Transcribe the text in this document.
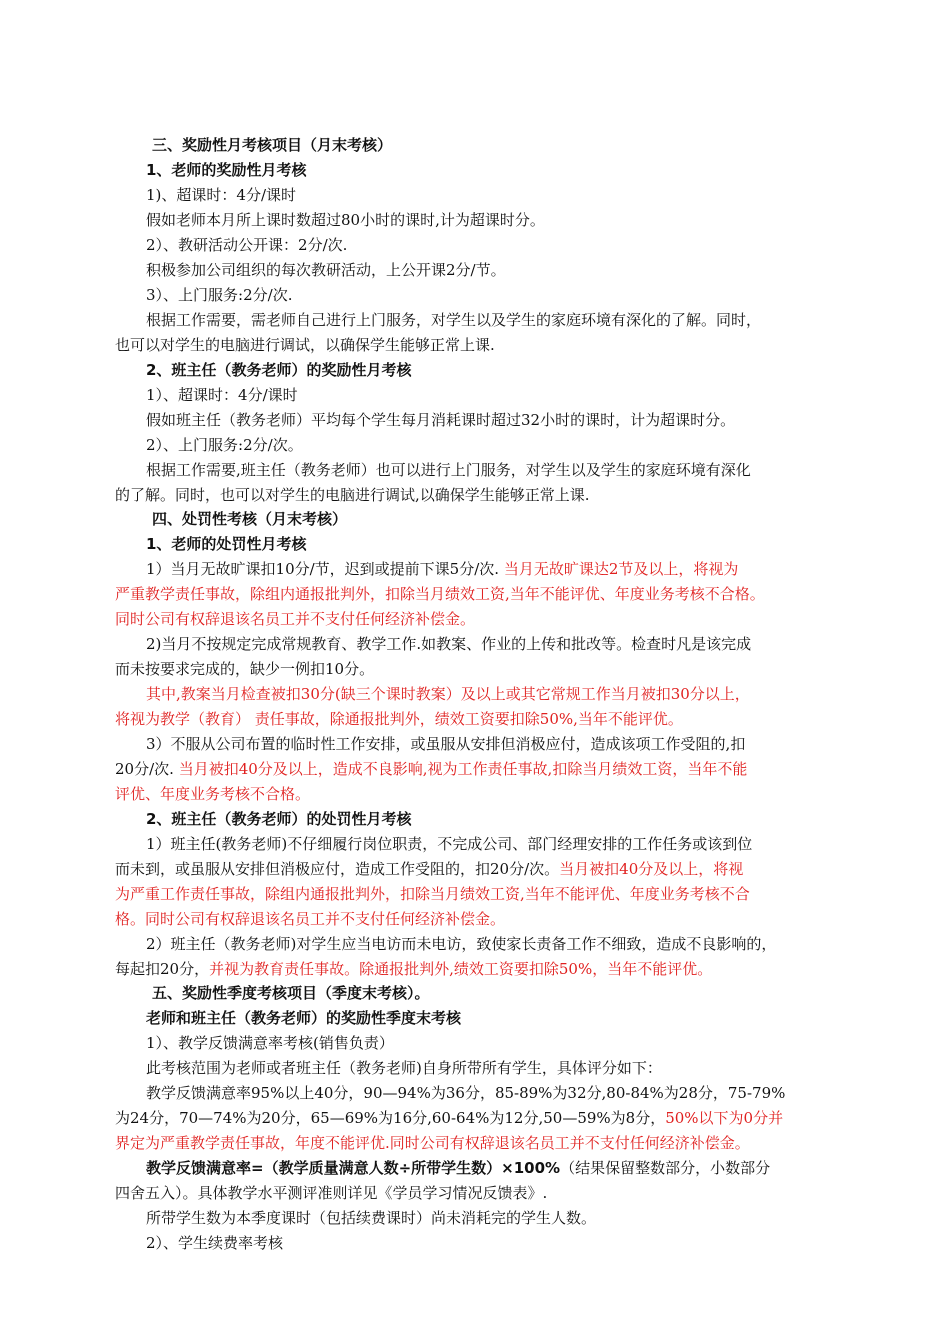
三、奖励性月考核项目（月末考核）
1、老师的奖励性月考核
1)、超课时：4分/课时
假如老师本月所上课时数超过80小时的课时,计为超课时分。
2）、教研活动公开课：2分/次.
积极参加公司组织的每次教研活动，上公开课2分/节。
3）、上门服务:2分/次.
根据工作需要，需老师自己进行上门服务，对学生以及学生的家庭环境有深化的了解。同时，
也可以对学生的电脑进行调试，以确保学生能够正常上课.
2、班主任（教务老师）的奖励性月考核
1）、超课时：4分/课时
假如班主任（教务老师）平均每个学生每月消耗课时超过32小时的课时，计为超课时分。
2）、上门服务:2分/次。
根据工作需要,班主任（教务老师）也可以进行上门服务，对学生以及学生的家庭环境有深化
的了解。同时，也可以对学生的电脑进行调试,以确保学生能够正常上课.
四、处罚性考核（月末考核）
1、老师的处罚性月考核
1）当月无故旷课扣10分/节，迟到或提前下课5分/次. 当月无故旷课达2节及以上，将视为
严重教学责任事故，除组内通报批判外，扣除当月绩效工资,当年不能评优、年度业务考核不合格。
同时公司有权辞退该名员工并不支付任何经济补偿金。
2)当月不按规定完成常规教育、教学工作.如教案、作业的上传和批改等。检查时凡是该完成
而未按要求完成的，缺少一例扣10分。
其中,教案当月检查被扣30分(缺三个课时教案）及以上或其它常规工作当月被扣30分以上，
将视为教学（教育） 责任事故，除通报批判外，绩效工资要扣除50%,当年不能评优。
3）不服从公司布置的临时性工作安排，或虽服从安排但消极应付，造成该项工作受阻的,扣
20分/次. 当月被扣40分及以上，造成不良影响,视为工作责任事故,扣除当月绩效工资，当年不能
评优、年度业务考核不合格。
2、班主任（教务老师）的处罚性月考核
1）班主任(教务老师)不仔细履行岗位职责，不完成公司、部门经理安排的工作任务或该到位
而未到，或虽服从安排但消极应付，造成工作受阻的，扣20分/次。当月被扣40分及以上，将视
为严重工作责任事故，除组内通报批判外，扣除当月绩效工资,当年不能评优、年度业务考核不合
格。同时公司有权辞退该名员工并不支付任何经济补偿金。
2）班主任（教务老师)对学生应当电访而未电访，致使家长责备工作不细致，造成不良影响的，
每起扣20分，并视为教育责任事故。除通报批判外,绩效工资要扣除50%，当年不能评优。
五、奖励性季度考核项目（季度末考核）。
老师和班主任（教务老师）的奖励性季度末考核
1）、教学反馈满意率考核(销售负责）
此考核范围为老师或者班主任（教务老师)自身所带所有学生，具体评分如下：
教学反馈满意率95%以上40分，90—94%为36分，85-89%为32分,80-84%为28分，75-79%
为24分，70—74%为20分，65—69%为16分,60-64%为12分,50—59%为8分，50%以下为0分并
界定为严重教学责任事故，年度不能评优.同时公司有权辞退该名员工并不支付任何经济补偿金。
教学反馈满意率=（教学质量满意人数÷所带学生数）×100%（结果保留整数部分，小数部分
四舍五入）。具体教学水平测评准则详见《学员学习情况反馈表》.
所带学生数为本季度课时（包括续费课时）尚未消耗完的学生人数。
2）、学生续费率考核
